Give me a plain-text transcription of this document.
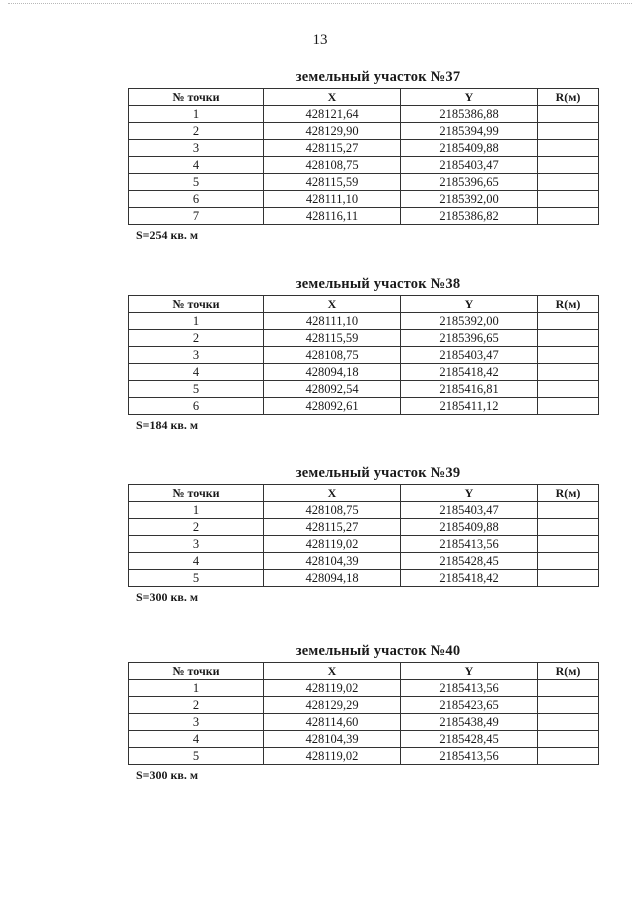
13
земельный участок №37
№ точки	X	Y	R(м)
1	428121,64	2185386,88	
2	428129,90	2185394,99	
3	428115,27	2185409,88	
4	428108,75	2185403,47	
5	428115,59	2185396,65	
6	428111,10	2185392,00	
7	428116,11	2185386,82	
S=254 кв. м
земельный участок №38
№ точки	X	Y	R(м)
1	428111,10	2185392,00	
2	428115,59	2185396,65	
3	428108,75	2185403,47	
4	428094,18	2185418,42	
5	428092,54	2185416,81	
6	428092,61	2185411,12	
S=184 кв. м
земельный участок №39
№ точки	X	Y	R(м)
1	428108,75	2185403,47	
2	428115,27	2185409,88	
3	428119,02	2185413,56	
4	428104,39	2185428,45	
5	428094,18	2185418,42	
S=300 кв. м
земельный участок №40
№ точки	X	Y	R(м)
1	428119,02	2185413,56	
2	428129,29	2185423,65	
3	428114,60	2185438,49	
4	428104,39	2185428,45	
5	428119,02	2185413,56	
S=300 кв. м
